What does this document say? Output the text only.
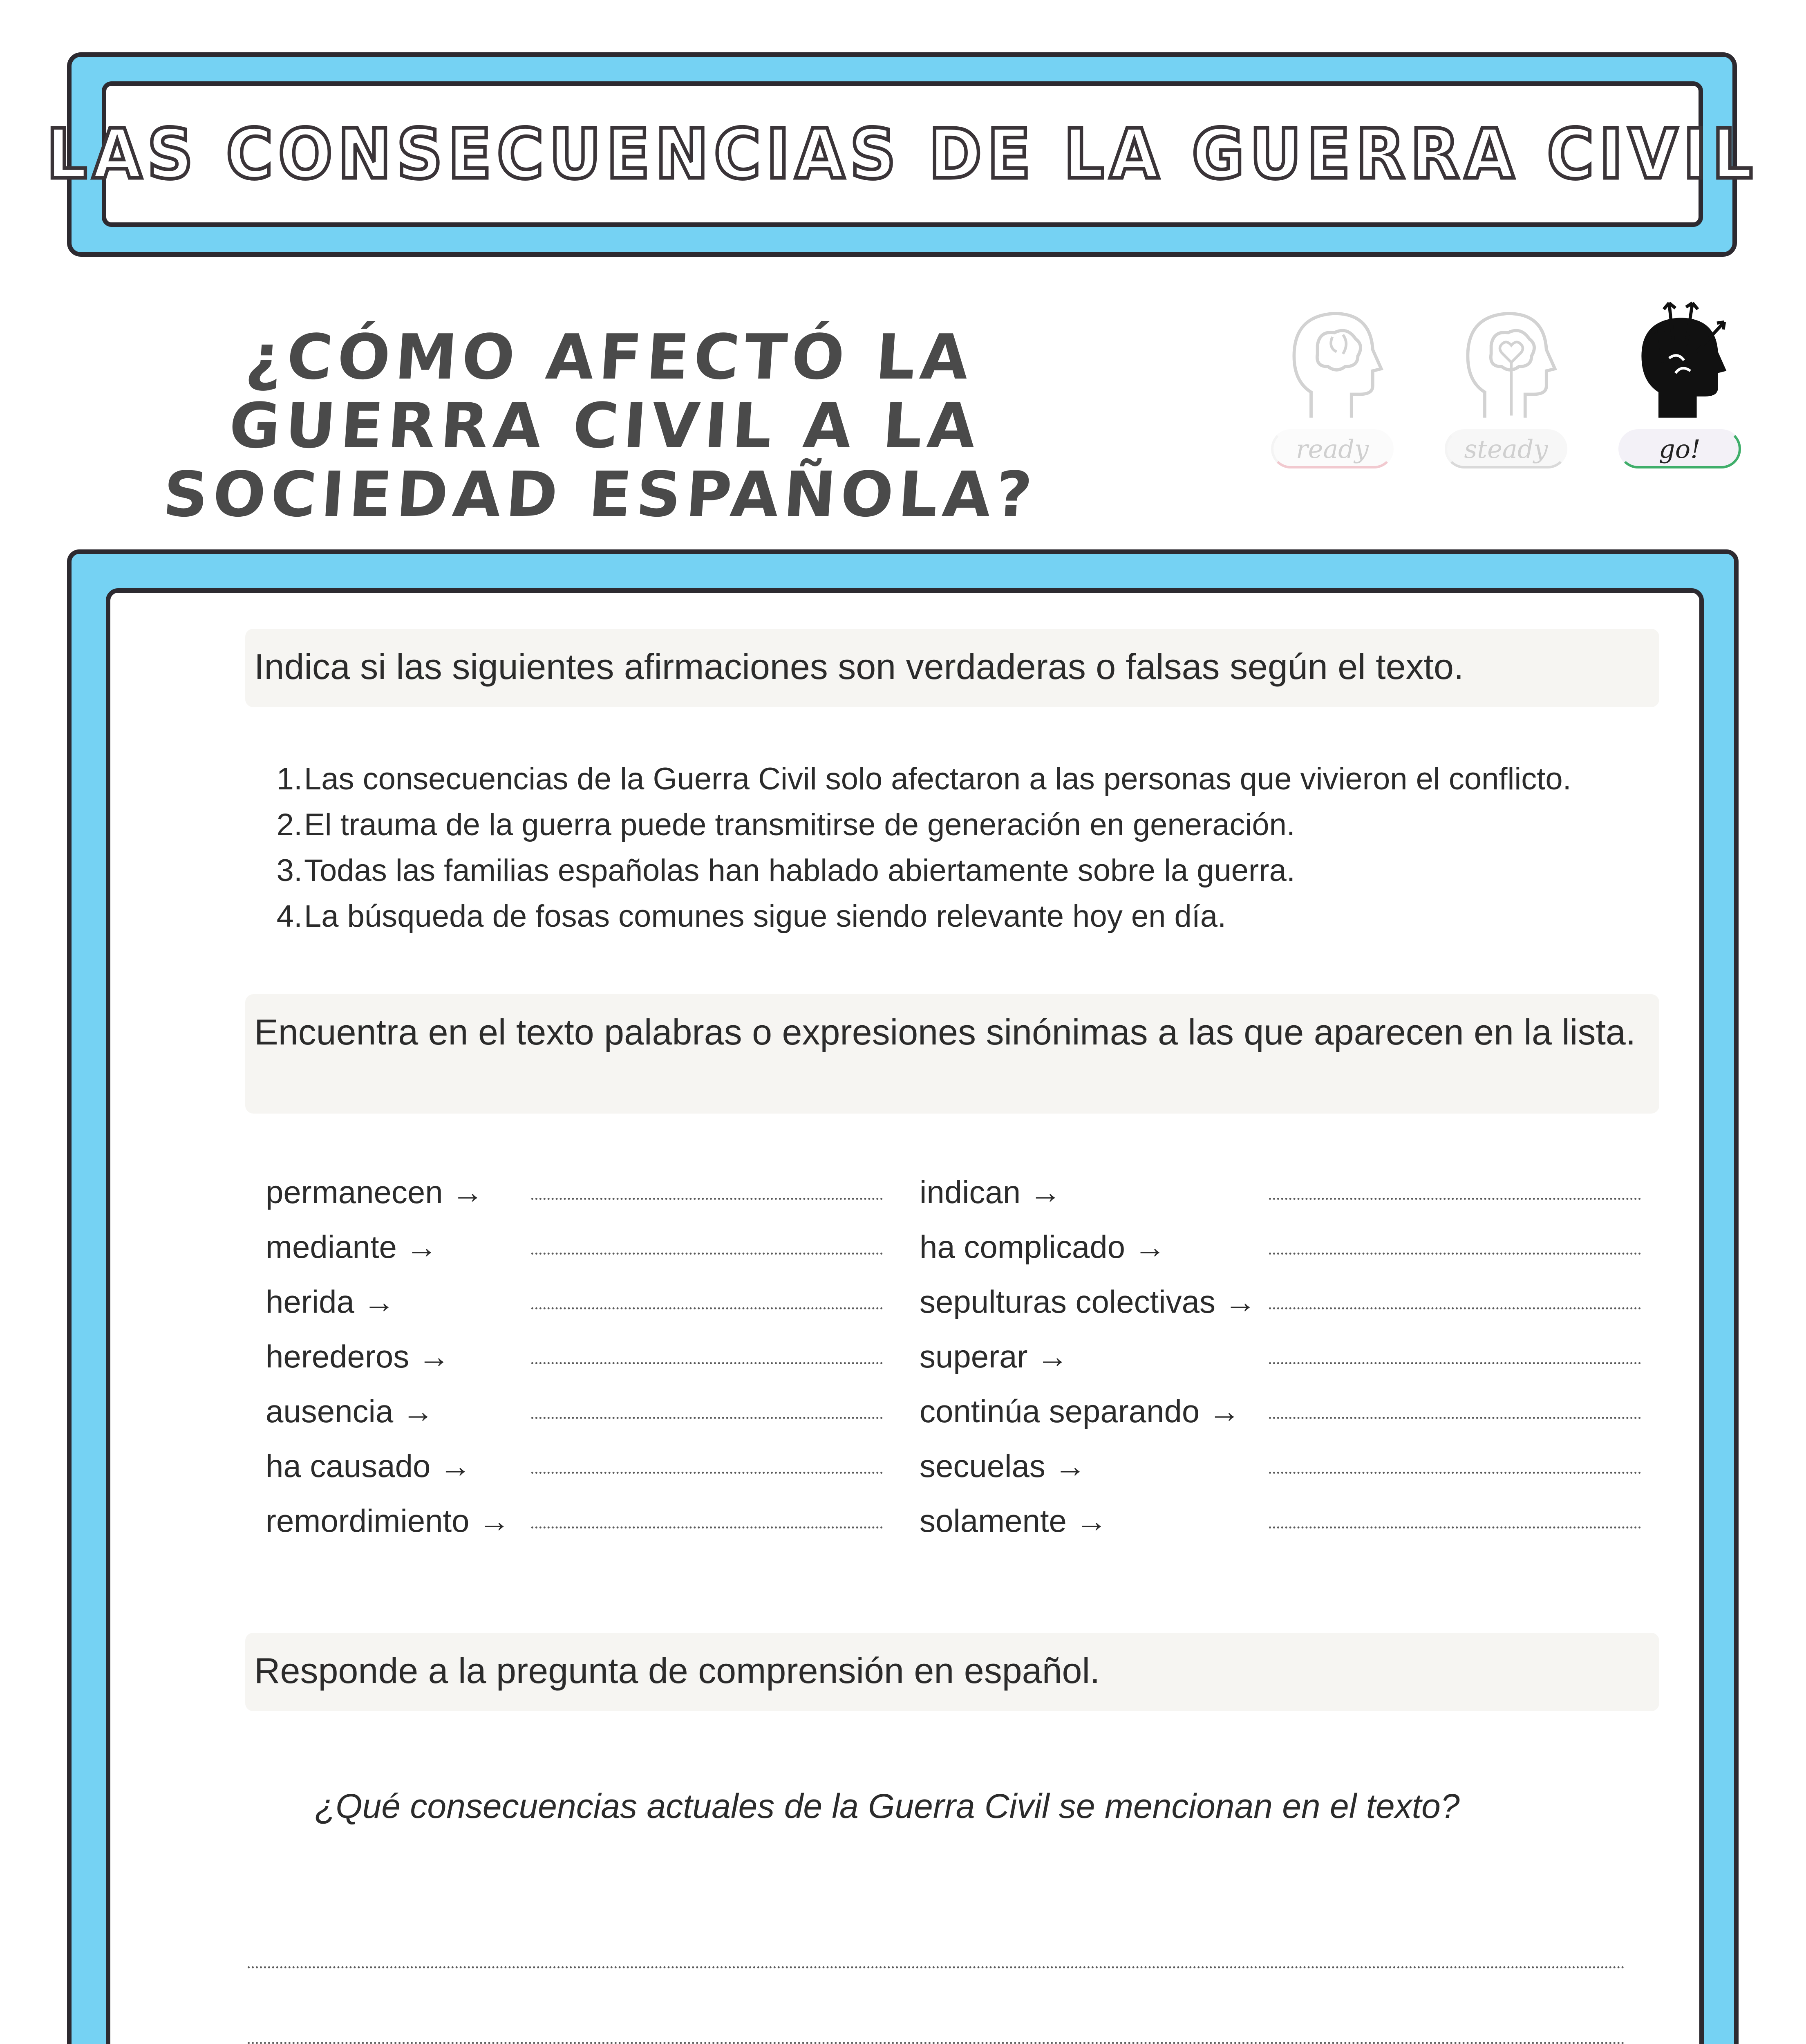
LAS CONSECUENCIAS DE LA GUERRA CIVIL
¿CÓMO AFECTÓ LA GUERRA CIVIL A LA SOCIEDAD ESPAÑOLA?
ready	steady	go!
Indica si las siguientes afirmaciones son verdaderas o falsas según el texto.
1. Las consecuencias de la Guerra Civil solo afectaron a las personas que vivieron el conflicto.
2. El trauma de la guerra puede transmitirse de generación en generación.
3. Todas las familias españolas han hablado abiertamente sobre la guerra.
4. La búsqueda de fosas comunes sigue siendo relevante hoy en día.
Encuentra en el texto palabras o expresiones sinónimas a las que aparecen en la lista.
permanecen →
mediante →
herida →
herederos →
ausencia →
ha causado →
remordimiento →
indican →
ha complicado →
sepulturas colectivas →
superar →
continúa separando →
secuelas →
solamente →
Responde a la pregunta de comprensión en español.
¿Qué consecuencias actuales de la Guerra Civil se mencionan en el texto?
